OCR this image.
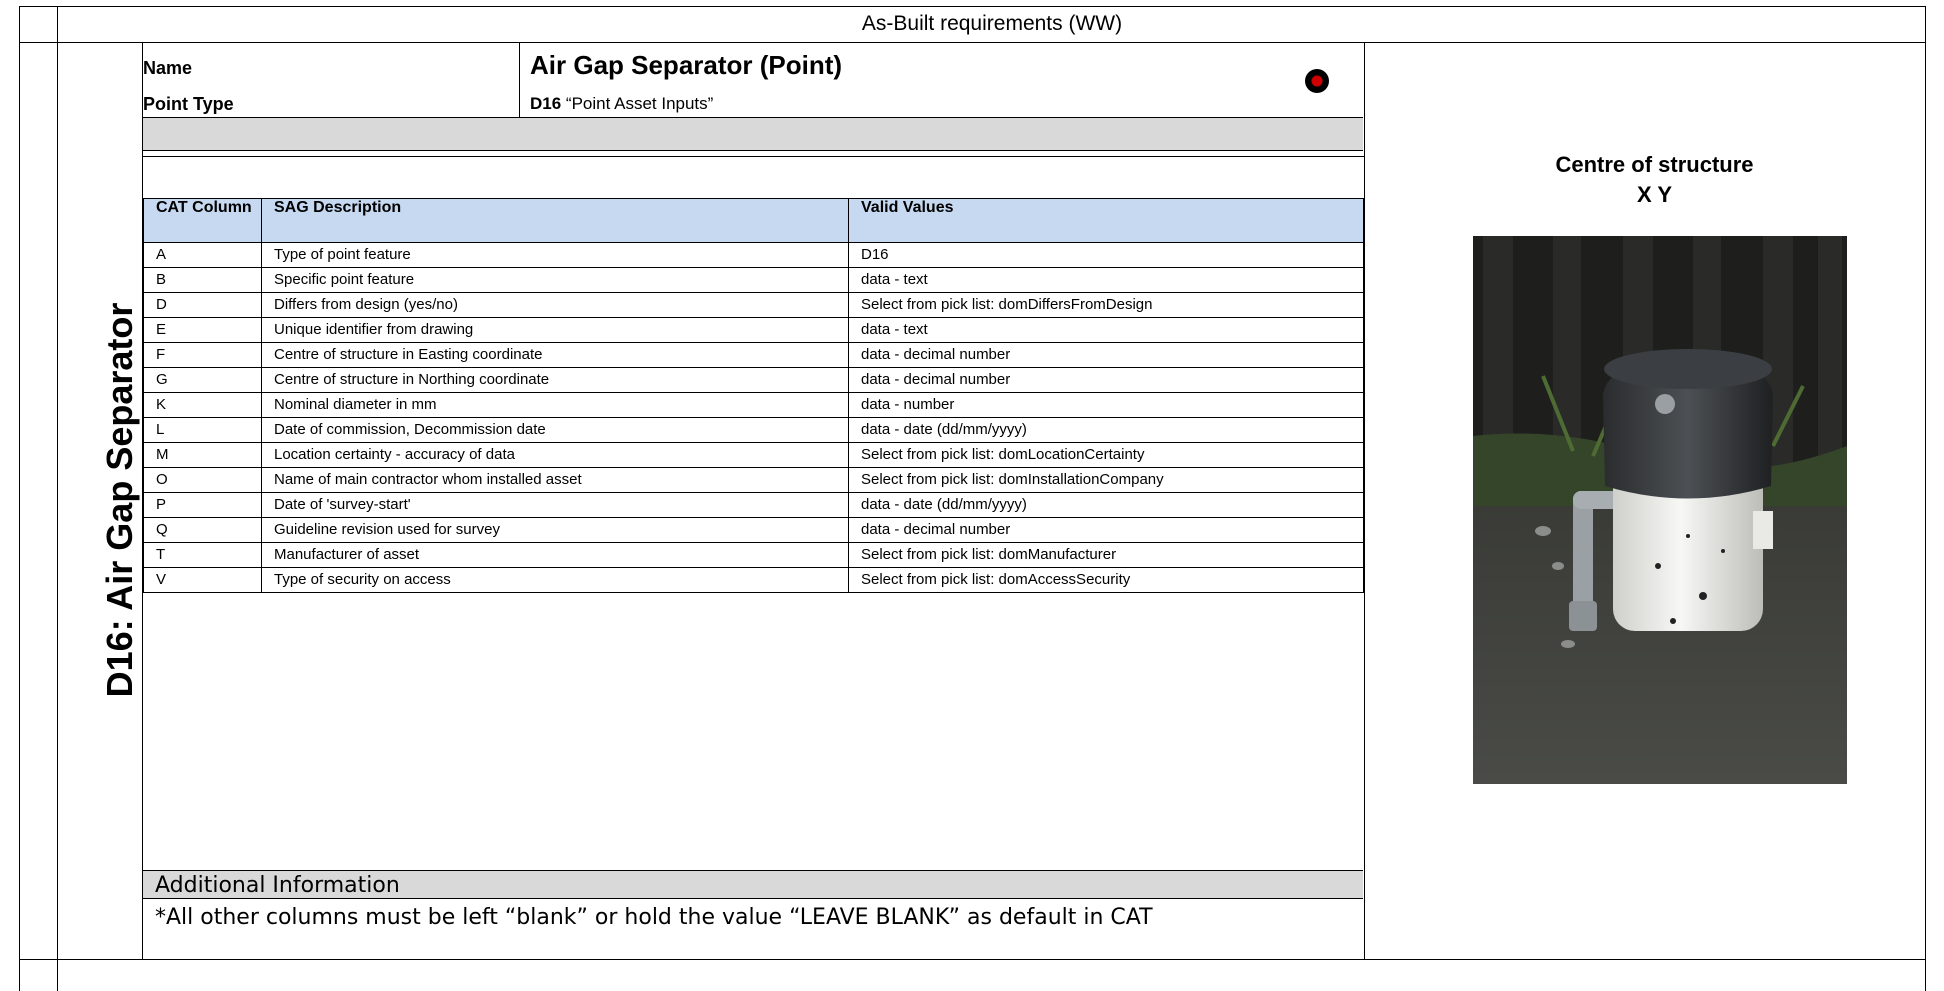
As-Built requirements (WW)
D16: Air Gap Separator
Name	Air Gap Separator (Point)
Point Type	D16 “Point Asset Inputs”
CAT Column	SAG Description	Valid Values
A	Type of point feature	D16
B	Specific point feature	data - text
D	Differs from design (yes/no)	Select from pick list: domDiffersFromDesign
E	Unique identifier from drawing	data - text
F	Centre of structure in Easting coordinate	data - decimal number
G	Centre of structure in Northing coordinate	data - decimal number
K	Nominal diameter in mm	data - number
L	Date of commission, Decommission date	data - date (dd/mm/yyyy)
M	Location certainty - accuracy of data	Select from pick list: domLocationCertainty
O	Name of main contractor whom installed asset	Select from pick list: domInstallationCompany
P	Date of 'survey-start'	data - date (dd/mm/yyyy)
Q	Guideline revision used for survey	data - decimal number
T	Manufacturer of asset	Select from pick list: domManufacturer
V	Type of security on access	Select from pick list: domAccessSecurity
Additional Information
*All other columns must be left “blank” or hold the value “LEAVE BLANK” as default in CAT
Centre of structure
X Y
